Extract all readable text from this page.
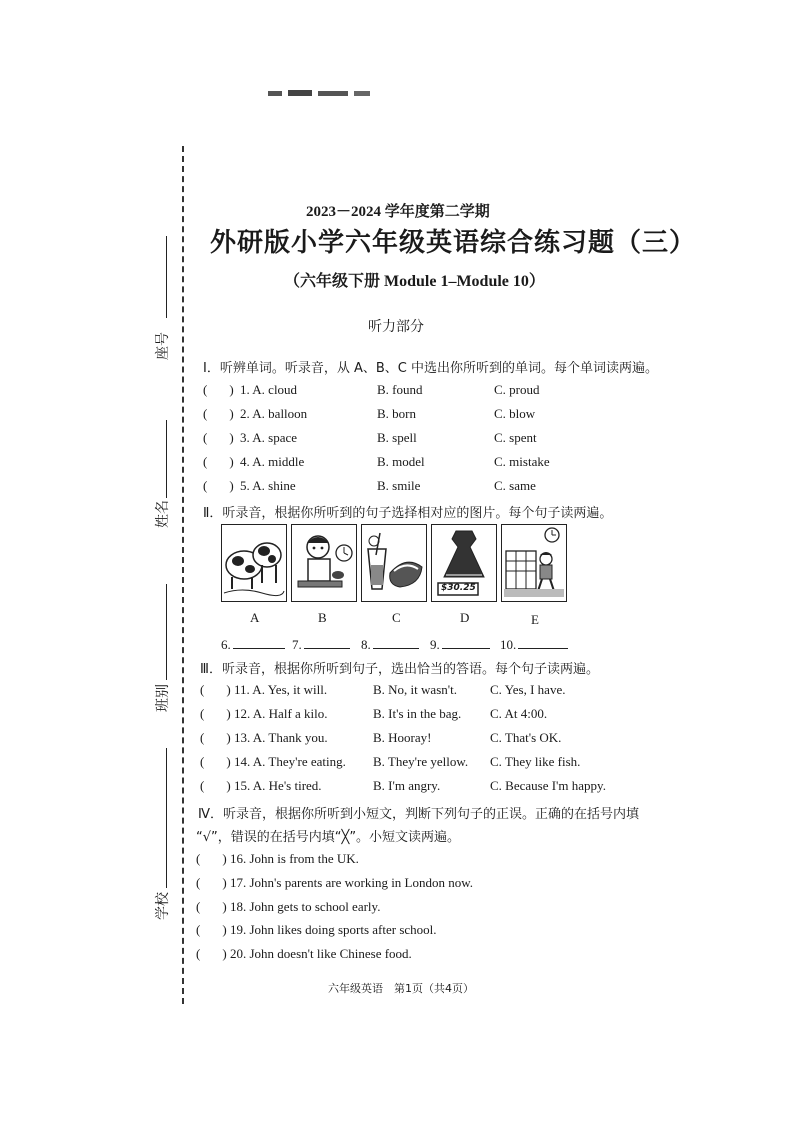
座号
姓名
班别
学校
2023－2024 学年度第二学期
外研版小学六年级英语综合练习题（三）
（六年级下册 Module 1–Module 10）
听力部分
Ⅰ．听辨单词。听录音，从 A、B、C 中选出你所听到的单词。每个单词读两遍。
( ) 1. A. cloud	B. found	C. proud
( ) 2. A. balloon	B. born	C. blow
( ) 3. A. space	B. spell	C. spent
( ) 4. A. middle	B. model	C. mistake
( ) 5. A. shine	B. smile	C. same
Ⅱ．听录音，根据你所听到的句子选择相对应的图片。每个句子读两遍。
$30.25
A	B	C	D	E
6.	7.	8.	9.	10.
Ⅲ．听录音，根据你所听到句子，选出恰当的答语。每个句子读两遍。
( ) 11. A. Yes, it will.	B. No, it wasn't.	C. Yes, I have.
( ) 12. A. Half a kilo.	B. It's in the bag. C. At 4:00.
( ) 13. A. Thank you.	B. Hooray!	C. That's OK.
( ) 14. A. They're eating. B. They're yellow. C. They like fish.
( ) 15. A. He's tired.	B. I'm angry.	C. Because I'm happy.
Ⅳ．听录音，根据你所听到小短文，判断下列句子的正误。正确的在括号内填
“√”，错误的在括号内填“╳”。小短文读两遍。
( ) 16. John is from the UK.
( ) 17. John's parents are working in London now.
( ) 18. John gets to school early.
( ) 19. John likes doing sports after school.
( ) 20. John doesn't like Chinese food.
六年级英语　第1页（共4页）
